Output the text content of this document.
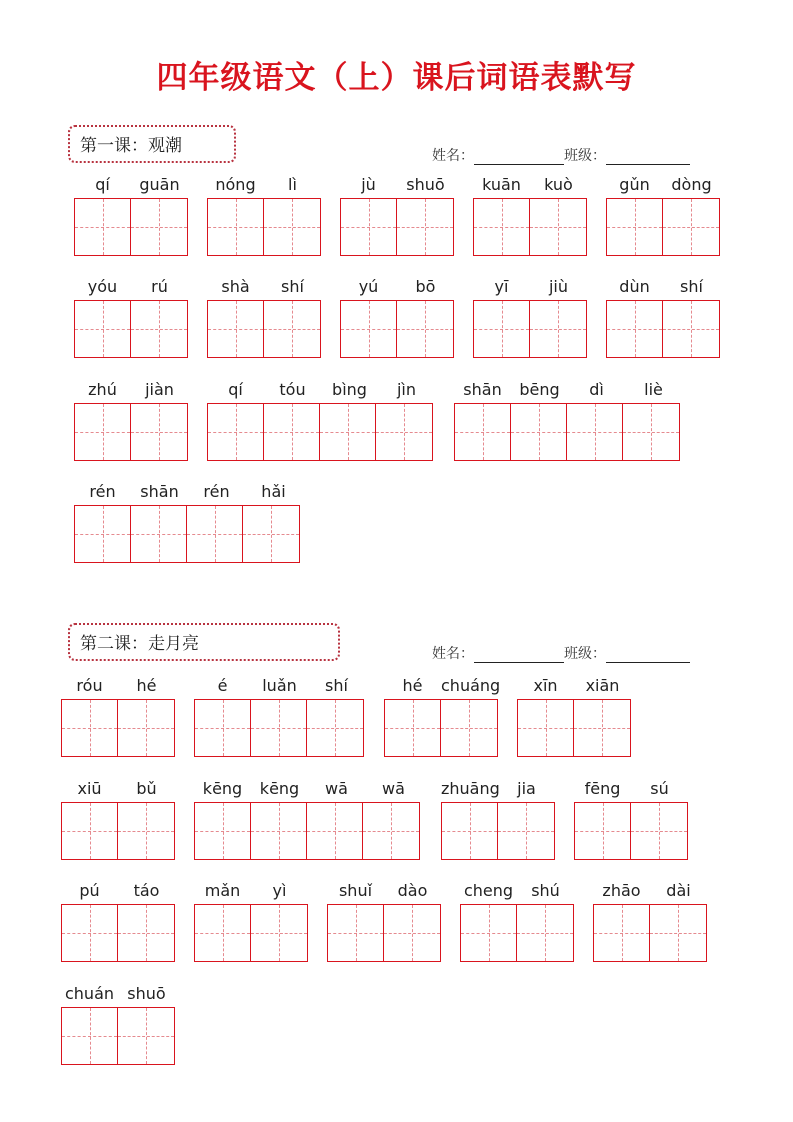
四年级语文（上）课后词语表默写
第一课：观潮	姓名：	班级：
qí	guān	nóng	lì	jù	shuō	kuān	kuò	gǔn	dòng
yóu	rú	shà	shí	yú	bō	yī	jiù	dùn	shí
zhú	jiàn	qí	tóu	bìng	jìn	shān	bēng	dì	liè
rén	shān	rén	hǎi
第二课：走月亮	姓名：	班级：
róu	hé	é	luǎn	shí	hé	chuáng	xīn	xiān
xiū	bǔ	kēng	kēng	wā	wā	zhuāng	jia	fēng	sú
pú	táo	mǎn	yì	shuǐ	dào	cheng	shú	zhāo	dài
chuán shuō
